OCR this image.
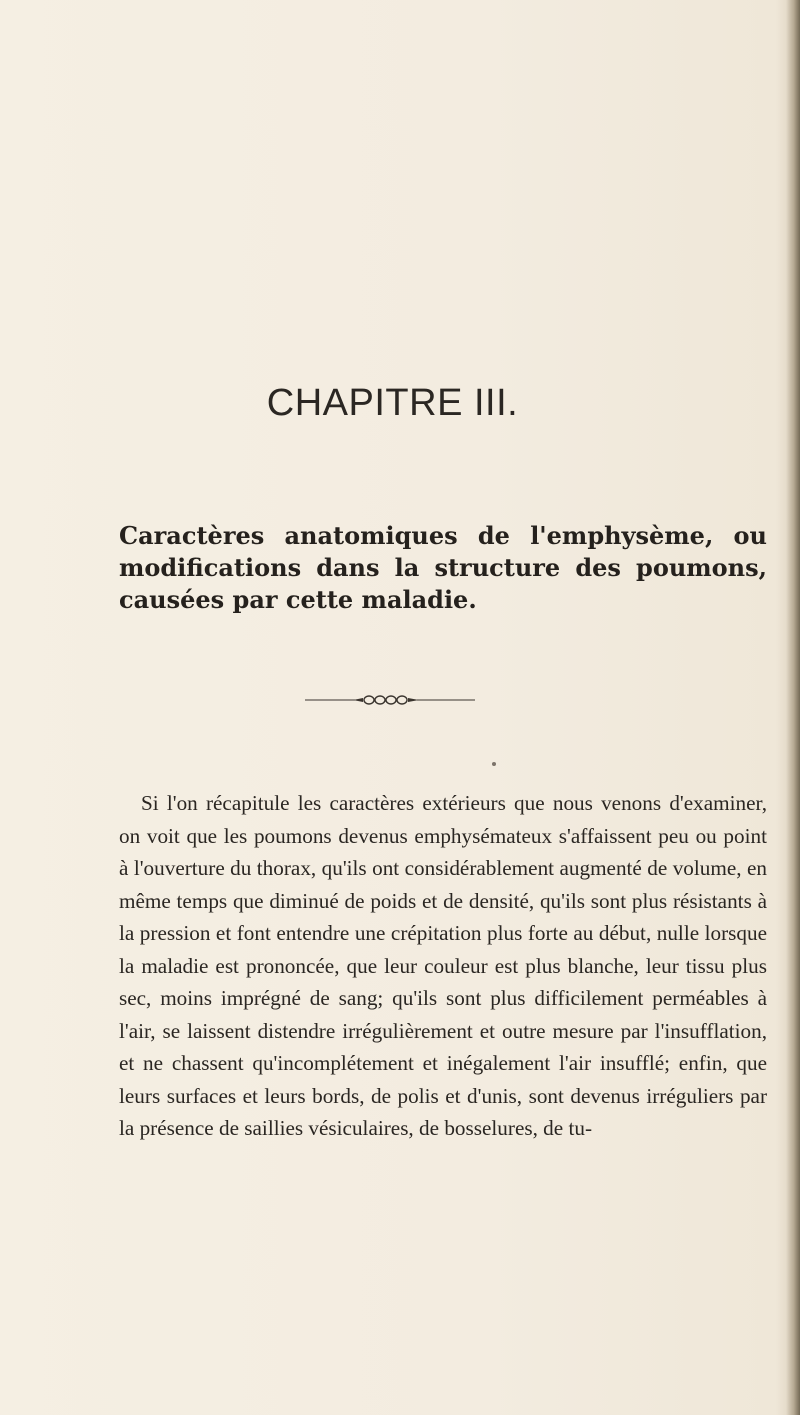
CHAPITRE III.
Caractères anatomiques de l'emphysème, ou modifications dans la structure des poumons, causées par cette maladie.

Si l'on récapitule les caractères extérieurs que nous venons d'examiner, on voit que les poumons devenus emphysémateux s'affaissent peu ou point à l'ouverture du thorax, qu'ils ont considérablement augmenté de volume, en même temps que diminué de poids et de densité, qu'ils sont plus résistants à la pression et font entendre une crépitation plus forte au début, nulle lorsque la maladie est prononcée, que leur couleur est plus blanche, leur tissu plus sec, moins imprégné de sang; qu'ils sont plus difficilement perméables à l'air, se laissent distendre irrégulièrement et outre mesure par l'insufflation, et ne chassent qu'incomplétement et inégalement l'air insufflé; enfin, que leurs surfaces et leurs bords, de polis et d'unis, sont devenus irréguliers par la présence de saillies vésiculaires, de bosselures, de tu-
